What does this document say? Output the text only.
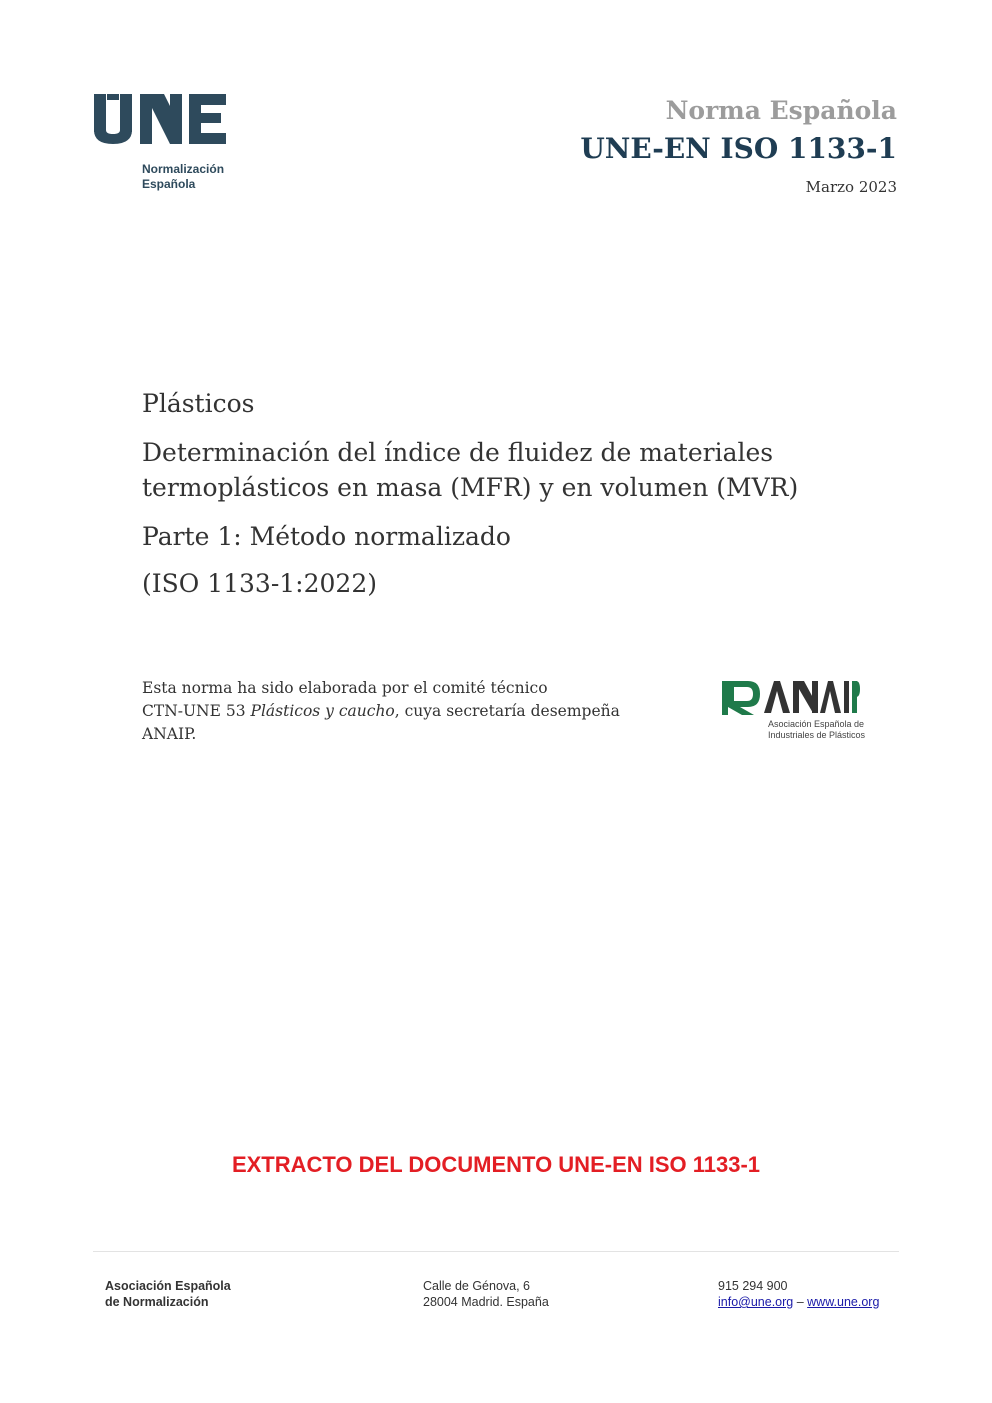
Normalización
Española
Norma Española
UNE-EN ISO 1133-1
Marzo 2023
Plásticos
Determinación del índice de fluidez de materiales
termoplásticos en masa (MFR) y en volumen (MVR)
Parte 1: Método normalizado
(ISO 1133-1:2022)
Esta norma ha sido elaborada por el comité técnico
CTN-UNE 53 Plásticos y caucho, cuya secretaría desempeña
ANAIP.
Asociación Española de
Industriales de Plásticos
EXTRACTO DEL DOCUMENTO UNE-EN ISO 1133-1
Asociación Española
de Normalización
Calle de Génova, 6
28004 Madrid. España
915 294 900
info@une.org – www.une.org
